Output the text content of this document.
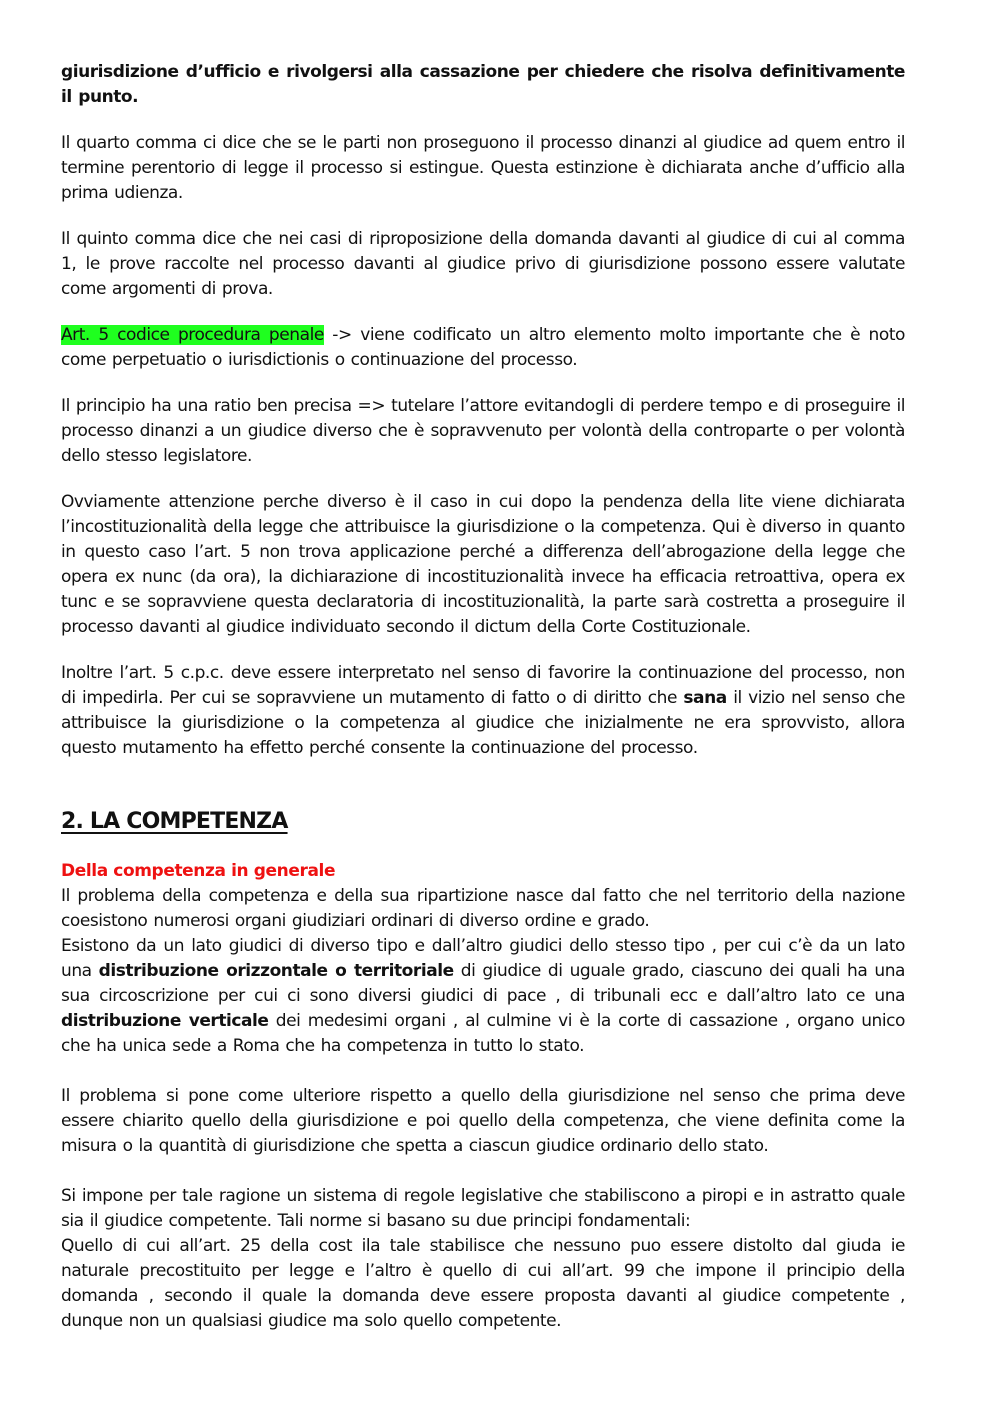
giurisdizione d’ufficio e rivolgersi alla cassazione per chiedere che risolva definitivamente il punto.

Il quarto comma ci dice che se le parti non proseguono il processo dinanzi al giudice ad quem entro il termine perentorio di legge il processo si estingue. Questa estinzione è dichiarata anche d’ufficio alla prima udienza.

Il quinto comma dice che nei casi di riproposizione della domanda davanti al giudice di cui al comma 1, le prove raccolte nel processo davanti al giudice privo di giurisdizione possono essere valutate come argomenti di prova.

Art. 5 codice procedura penale -> viene codificato un altro elemento molto importante che è noto come perpetuatio o iurisdictionis o continuazione del processo.

Il principio ha una ratio ben precisa => tutelare l’attore evitandogli di perdere tempo e di proseguire il processo dinanzi a un giudice diverso che è sopravvenuto per volontà della controparte o per volontà dello stesso legislatore.

Ovviamente attenzione perche diverso è il caso in cui dopo la pendenza della lite viene dichiarata l’incostituzionalità della legge che attribuisce la giurisdizione o la competenza. Qui è diverso in quanto in questo caso l’art. 5 non trova applicazione perché a differenza dell’abrogazione della legge che opera ex nunc (da ora), la dichiarazione di incostituzionalità invece ha efficacia retroattiva, opera ex tunc e se sopravviene questa declaratoria di incostituzionalità, la parte sarà costretta a proseguire il processo davanti al giudice individuato secondo il dictum della Corte Costituzionale.

Inoltre l’art. 5 c.p.c. deve essere interpretato nel senso di favorire la continuazione del processo, non di impedirla. Per cui se sopravviene un mutamento di fatto o di diritto che sana il vizio nel senso che attribuisce la giurisdizione o la competenza al giudice che inizialmente ne era sprovvisto, allora questo mutamento ha effetto perché consente la continuazione del processo.

2. LA COMPETENZA
Della competenza in generale

Il problema della competenza e della sua ripartizione nasce dal fatto che nel territorio della nazione coesistono numerosi organi giudiziari ordinari di diverso ordine e grado.

Esistono da un lato giudici di diverso tipo e dall’altro giudici dello stesso tipo , per cui c’è da un lato una distribuzione orizzontale o territoriale di giudice di uguale grado, ciascuno dei quali ha una sua circoscrizione per cui ci sono diversi giudici di pace , di tribunali ecc e dall’altro lato ce una distribuzione verticale dei medesimi organi , al culmine vi è la corte di cassazione , organo unico che ha unica sede a Roma che ha competenza in tutto lo stato.

Il problema si pone come ulteriore rispetto a quello della giurisdizione nel senso che prima deve essere chiarito quello della giurisdizione e poi quello della competenza, che viene definita come la misura o la quantità di giurisdizione che spetta a ciascun giudice ordinario dello stato.

Si impone per tale ragione un sistema di regole legislative che stabiliscono a piropi e in astratto quale sia il giudice competente. Tali norme si basano su due principi fondamentali:

Quello di cui all’art. 25 della cost ila tale stabilisce che nessuno puo essere distolto dal giuda ie naturale precostituito per legge e l’altro è quello di cui all’art. 99 che impone il principio della domanda , secondo il quale la domanda deve essere proposta davanti al giudice competente , dunque non un qualsiasi giudice ma solo quello competente.
